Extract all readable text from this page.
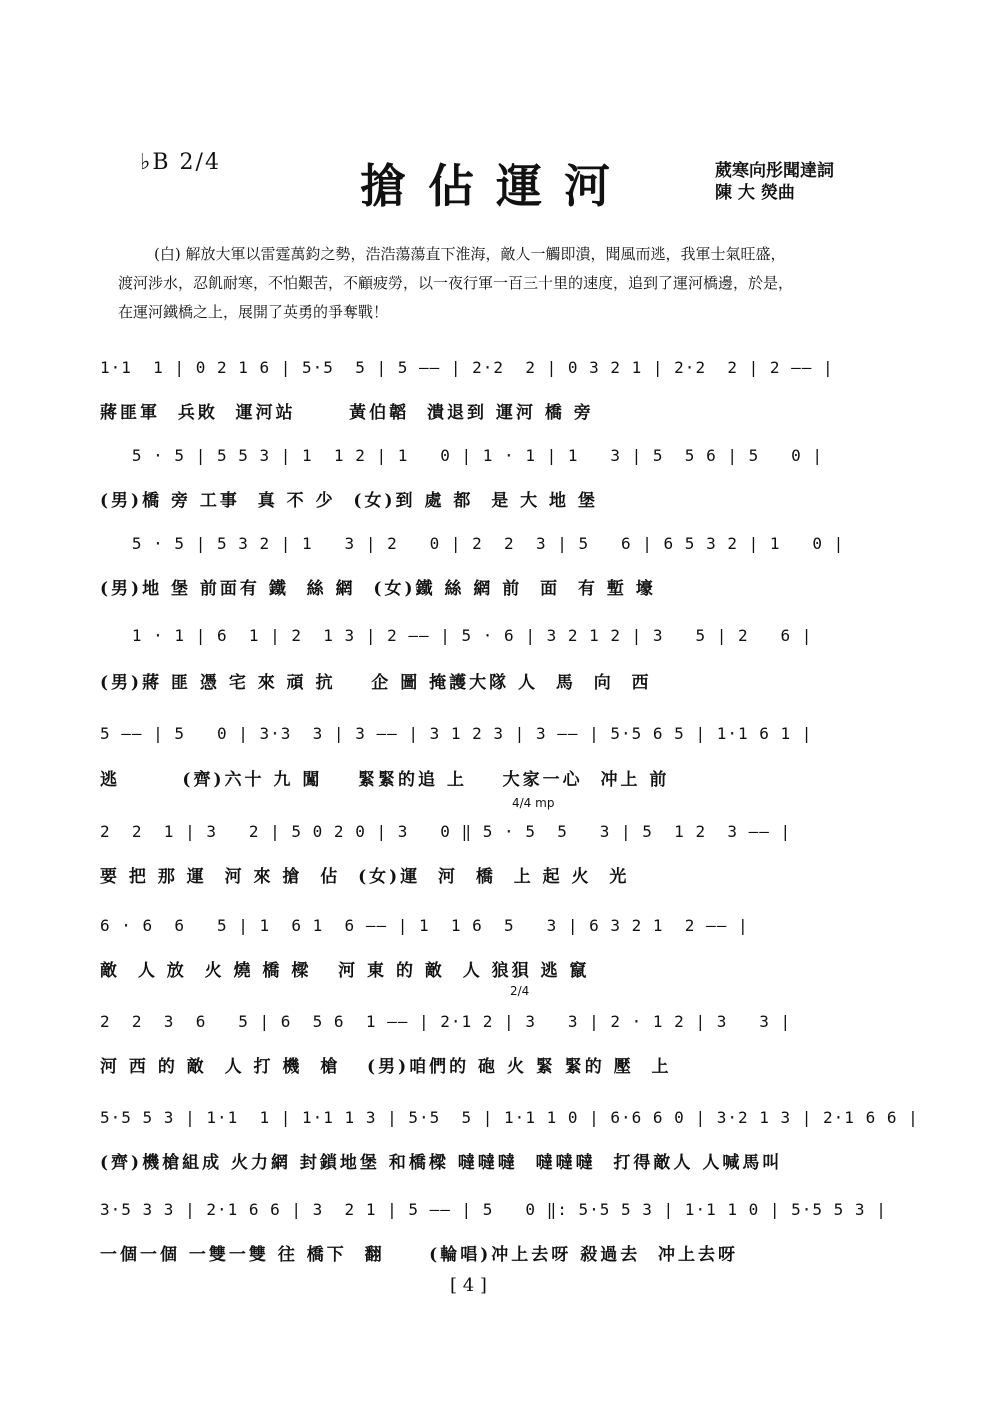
♭B 2/4	搶佔運河	葳寒向彤聞達詞
陳 大 熒曲

(白) 解放大軍以雷霆萬鈞之勢，浩浩蕩蕩直下淮海，敵人一觸即潰，聞風而逃，我軍士氣旺盛，

渡河涉水，忍飢耐寒，不怕艱苦，不顧疲勞，以一夜行軍一百三十里的速度，追到了運河橋邊，於是，

在運河鐵橋之上，展開了英勇的爭奪戰！

1·1  1 | 0 2 1 6 | 5·5  5 | 5 —— | 2·2  2 | 0 3 2 1 | 2·2  2 | 2 —— |
蔣匪軍  兵敗  運河站      黃伯韜  潰退到 運河 橋 旁
5 · 5 | 5 5 3 | 1  1 2 | 1   0 | 1 · 1 | 1   3 | 5  5 6 | 5   0 |
(男)橋 旁 工事  真 不 少  (女)到 處 都  是 大 地 堡
5 · 5 | 5 3 2 | 1   3 | 2   0 | 2  2  3 | 5   6 | 6 5 3 2 | 1   0 |
(男)地 堡 前面有 鐵  絲 網  (女)鐵 絲 網 前  面  有 塹 壕
1 · 1 | 6  1 | 2  1 3 | 2 —— | 5 · 6 | 3 2 1 2 | 3   5 | 2   6 |
(男)蔣 匪 憑 宅 來 頑 抗    企 圖 掩護大隊 人  馬  向  西
5 —— | 5   0 | 3·3  3 | 3 —— | 3 1 2 3 | 3 —— | 5·5 6 5 | 1·1 6 1 |
逃       (齊)六十 九 闖    緊緊的追 上    大家一心  冲上 前
4/4 mp
2  2  1 | 3   2 | 5 0 2 0 | 3   0 ‖ 5 · 5  5   3 | 5  1 2  3 —— |
要 把 那 運  河 來 搶  佔  (女)運  河  橋  上 起 火  光
6 · 6  6   5 | 1  6 1  6 —— | 1  1 6  5   3 | 6 3 2 1  2 —— |
敵  人 放  火 燒 橋 樑   河 東 的 敵  人 狼狽 逃 竄
2/4
2  2  3  6   5 | 6  5 6  1 —— | 2·1 2 | 3   3 | 2 · 1 2 | 3   3 |
河 西 的 敵  人 打 機  槍   (男)咱們的 砲 火 緊 緊的 壓  上
5·5 5 3 | 1·1  1 | 1·1 1 3 | 5·5  5 | 1·1 1 0 | 6·6 6 0 | 3·2 1 3 | 2·1 6 6 |
(齊)機槍組成 火力網 封鎖地堡 和橋樑 噠噠噠  噠噠噠  打得敵人 人喊馬叫
3·5 3 3 | 2·1 6 6 | 3  2 1 | 5 —— | 5   0 ‖: 5·5 5 3 | 1·1 1 0 | 5·5 5 3 |
一個一個 一雙一雙 往 橋下  翻     (輪唱)冲上去呀 殺過去  冲上去呀
[ 4 ]
